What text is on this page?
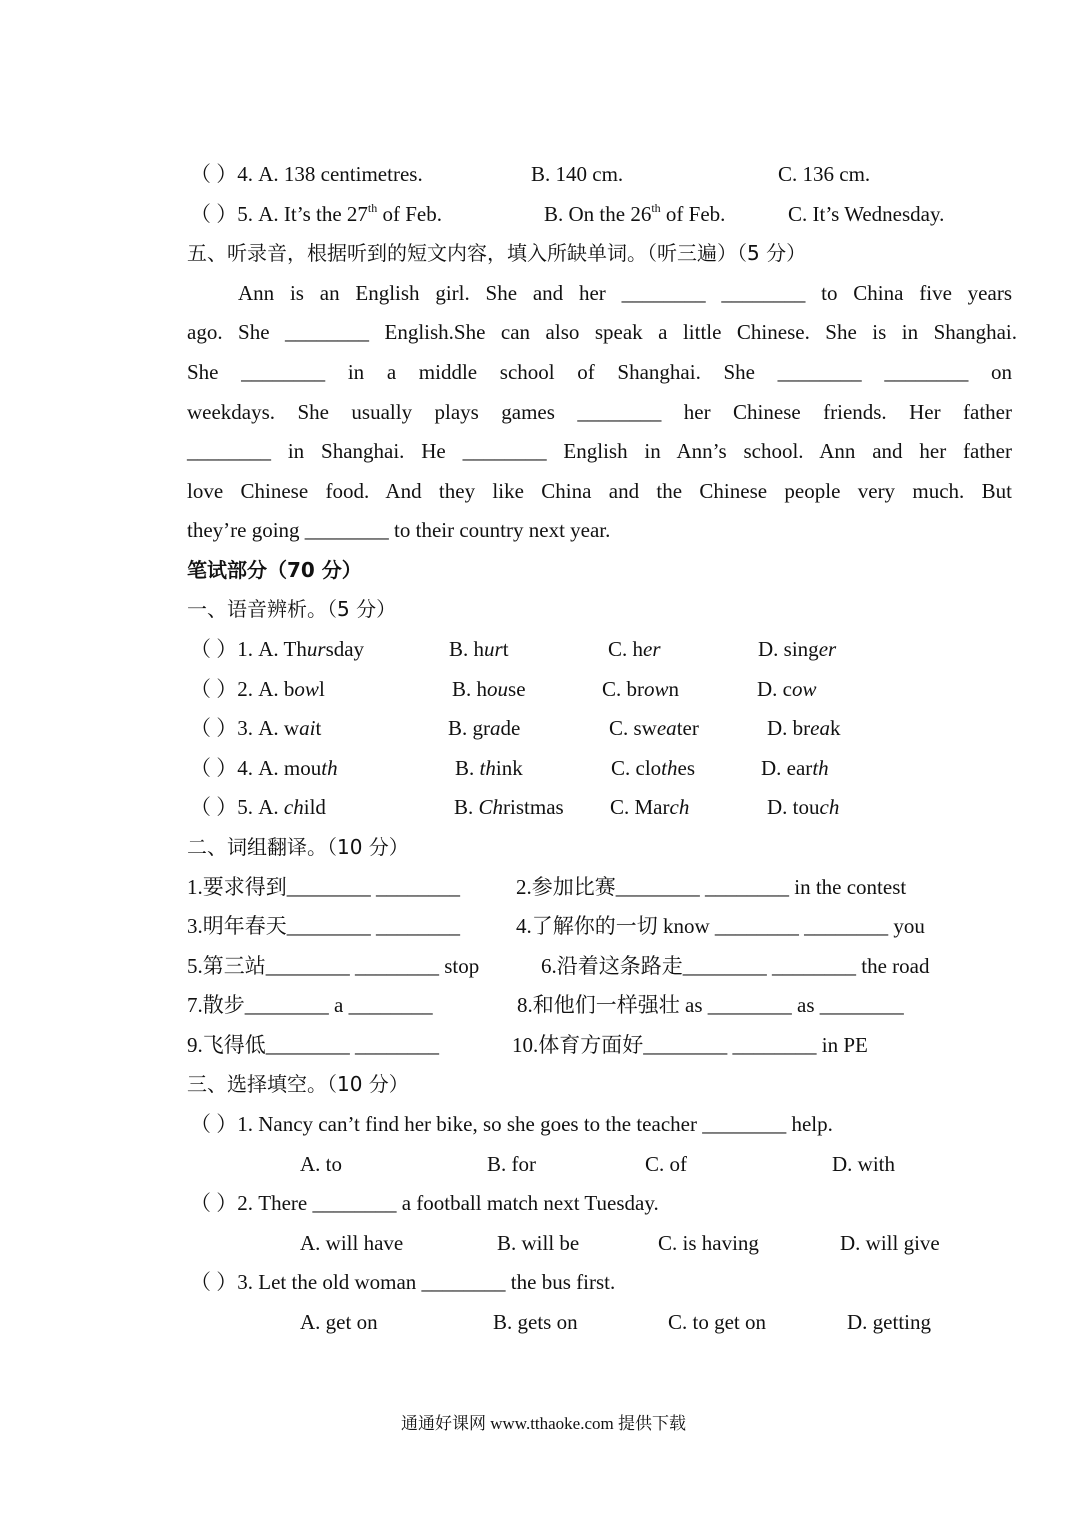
（ ）4. A. 138 centimetres.	B. 140 cm.	C. 136 cm.
（ ）5. A. It’s the 27th of Feb.	B. On the 26th of Feb.	C. It’s Wednesday.
五、听录音，根据听到的短文内容，填入所缺单词。（听三遍）（5 分）
Ann is an English girl. She and her ________ ________ to China five years
ago. She ________ English.She can also speak a little Chinese. She is in Shanghai.
She ________ in a middle school of Shanghai. She ________ ________ on
weekdays. She usually plays games ________ her Chinese friends. Her father
________ in Shanghai. He ________ English in Ann’s school. Ann and her father
love Chinese food. And they like China and the Chinese people very much. But
they’re going ________ to their country next year.
笔试部分（70 分）
一、语音辨析。（5 分）
（ ）1. A. Thursday	B. hurt	C. her	D. singer
（ ）2. A. bowl	B. house	C. brown	D. cow
（ ）3. A. wait	B. grade	C. sweater	D. break
（ ）4. A. mouth	B. think	C. clothes	D. earth
（ ）5. A. child	B. Christmas C. March	D. touch
二、词组翻译。（10 分）
1.要求得到________ ________	2.参加比赛________ ________ in the contest
3.明年春天________ ________	4.了解你的一切 know ________ ________ you
5.第三站________ ________ stop	6.沿着这条路走________ ________ the road
7.散步________ a ________	8.和他们一样强壮 as ________ as ________
9.飞得低________ ________	10.体育方面好________ ________ in PE
三、选择填空。（10 分）
（ ）1. Nancy can’t find her bike, so she goes to the teacher ________ help.
A. to	B. for	C. of	D. with
（ ）2. There ________ a football match next Tuesday.
A. will have	B. will be	C. is having	D. will give
（ ）3. Let the old woman ________ the bus first.
A. get on	B. gets on	C. to get on	D. getting
通通好课网 www.tthaoke.com 提供下载
